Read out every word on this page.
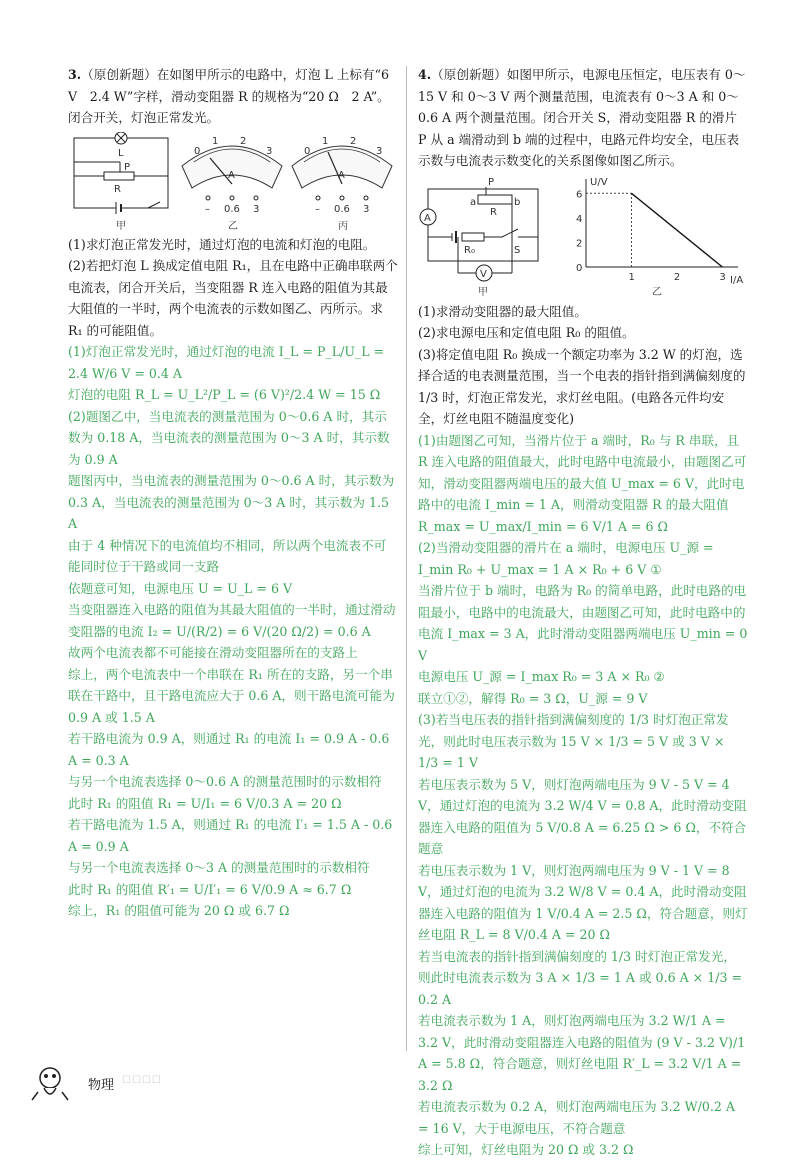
3.（原创新题）在如图甲所示的电路中，灯泡 L 上标有“6 V　2.4 W”字样，滑动变阻器 R 的规格为“20 Ω　2 A”。闭合开关，灯泡正常发光。

L
P
R
甲
0
1 2
3
A
– 0.6 3
乙
0
1 2
3
A
– 0.6 3
丙

(1)求灯泡正常发光时，通过灯泡的电流和灯泡的电阻。

(2)若把灯泡 L 换成定值电阻 R₁，且在电路中正确串联两个电流表，闭合开关后，当变阻器 R 连入电路的阻值为其最大阻值的一半时，两个电流表的示数如图乙、丙所示。求 R₁ 的可能阻值。

(1)灯泡正常发光时，通过灯泡的电流 I_L = P_L/U_L = 2.4 W/6 V = 0.4 A

灯泡的电阻 R_L = U_L²/P_L = (6 V)²/2.4 W = 15 Ω

(2)题图乙中，当电流表的测量范围为 0～0.6 A 时，其示数为 0.18 A，当电流表的测量范围为 0～3 A 时，其示数为 0.9 A

题图丙中，当电流表的测量范围为 0～0.6 A 时，其示数为 0.3 A，当电流表的测量范围为 0～3 A 时，其示数为 1.5 A

由于 4 种情况下的电流值均不相同，所以两个电流表不可能同时位于干路或同一支路

依题意可知，电源电压 U = U_L = 6 V

当变阻器连入电路的阻值为其最大阻值的一半时，通过滑动变阻器的电流 I₂ = U/(R/2) = 6 V/(20 Ω/2) = 0.6 A

故两个电流表都不可能接在滑动变阻器所在的支路上

综上，两个电流表中一个串联在 R₁ 所在的支路，另一个串联在干路中，且干路电流应大于 0.6 A，则干路电流可能为 0.9 A 或 1.5 A

若干路电流为 0.9 A，则通过 R₁ 的电流 I₁ = 0.9 A - 0.6 A = 0.3 A

与另一个电流表选择 0～0.6 A 的测量范围时的示数相符

此时 R₁ 的阻值 R₁ = U/I₁ = 6 V/0.3 A = 20 Ω

若干路电流为 1.5 A，则通过 R₁ 的电流 I′₁ = 1.5 A - 0.6 A = 0.9 A

与另一个电流表选择 0～3 A 的测量范围时的示数相符

此时 R₁ 的阻值 R′₁ = U/I′₁ = 6 V/0.9 A ≈ 6.7 Ω

综上，R₁ 的阻值可能为 20 Ω 或 6.7 Ω

4.（原创新题）如图甲所示，电源电压恒定，电压表有 0～15 V 和 0～3 V 两个测量范围，电流表有 0～3 A 和 0～0.6 A 两个测量范围。闭合开关 S，滑动变阻器 R 的滑片 P 从 a 端滑动到 b 端的过程中，电路元件均安全，电压表示数与电流表示数变化的关系图像如图乙所示。

A
P
a	b
R
R₀	S
V
甲
1	2	3
0
2
4
6
I/A
U/V
乙

(1)求滑动变阻器的最大阻值。

(2)求电源电压和定值电阻 R₀ 的阻值。

(3)将定值电阻 R₀ 换成一个额定功率为 3.2 W 的灯泡，选择合适的电表测量范围，当一个电表的指针指到满偏刻度的 1/3 时，灯泡正常发光，求灯丝电阻。(电路各元件均安全，灯丝电阻不随温度变化)

(1)由题图乙可知，当滑片位于 a 端时，R₀ 与 R 串联，且 R 连入电路的阻值最大，此时电路中电流最小，由题图乙可知，滑动变阻器两端电压的最大值 U_max = 6 V，此时电路中的电流 I_min = 1 A，则滑动变阻器 R 的最大阻值 R_max = U_max/I_min = 6 V/1 A = 6 Ω

(2)当滑动变阻器的滑片在 a 端时，电源电压 U_源 = I_min R₀ + U_max = 1 A × R₀ + 6 V ①

当滑片位于 b 端时，电路为 R₀ 的简单电路，此时电路的电阻最小，电路中的电流最大，由题图乙可知，此时电路中的电流 I_max = 3 A，此时滑动变阻器两端电压 U_min = 0 V

电源电压 U_源 = I_max R₀ = 3 A × R₀ ②

联立①②，解得 R₀ = 3 Ω，U_源 = 9 V

(3)若当电压表的指针指到满偏刻度的 1/3 时灯泡正常发光，则此时电压表示数为 15 V × 1/3 = 5 V 或 3 V × 1/3 = 1 V

若电压表示数为 5 V，则灯泡两端电压为 9 V - 5 V = 4 V，通过灯泡的电流为 3.2 W/4 V = 0.8 A，此时滑动变阻器连入电路的阻值为 5 V/0.8 A = 6.25 Ω > 6 Ω，不符合题意

若电压表示数为 1 V，则灯泡两端电压为 9 V - 1 V = 8 V，通过灯泡的电流为 3.2 W/8 V = 0.4 A，此时滑动变阻器连入电路的阻值为 1 V/0.4 A = 2.5 Ω，符合题意，则灯丝电阻 R_L = 8 V/0.4 A = 20 Ω

若当电流表的指针指到满偏刻度的 1/3 时灯泡正常发光，则此时电流表示数为 3 A × 1/3 = 1 A 或 0.6 A × 1/3 = 0.2 A

若电流表示数为 1 A，则灯泡两端电压为 3.2 W/1 A = 3.2 V，此时滑动变阻器连入电路的阻值为 (9 V - 3.2 V)/1 A = 5.8 Ω，符合题意，则灯丝电阻 R′_L = 3.2 V/1 A = 3.2 Ω

若电流表示数为 0.2 A，则灯泡两端电压为 3.2 W/0.2 A = 16 V，大于电源电压，不符合题意

综上可知，灯丝电阻为 20 Ω 或 3.2 Ω

物理 ☐☐☐☐
